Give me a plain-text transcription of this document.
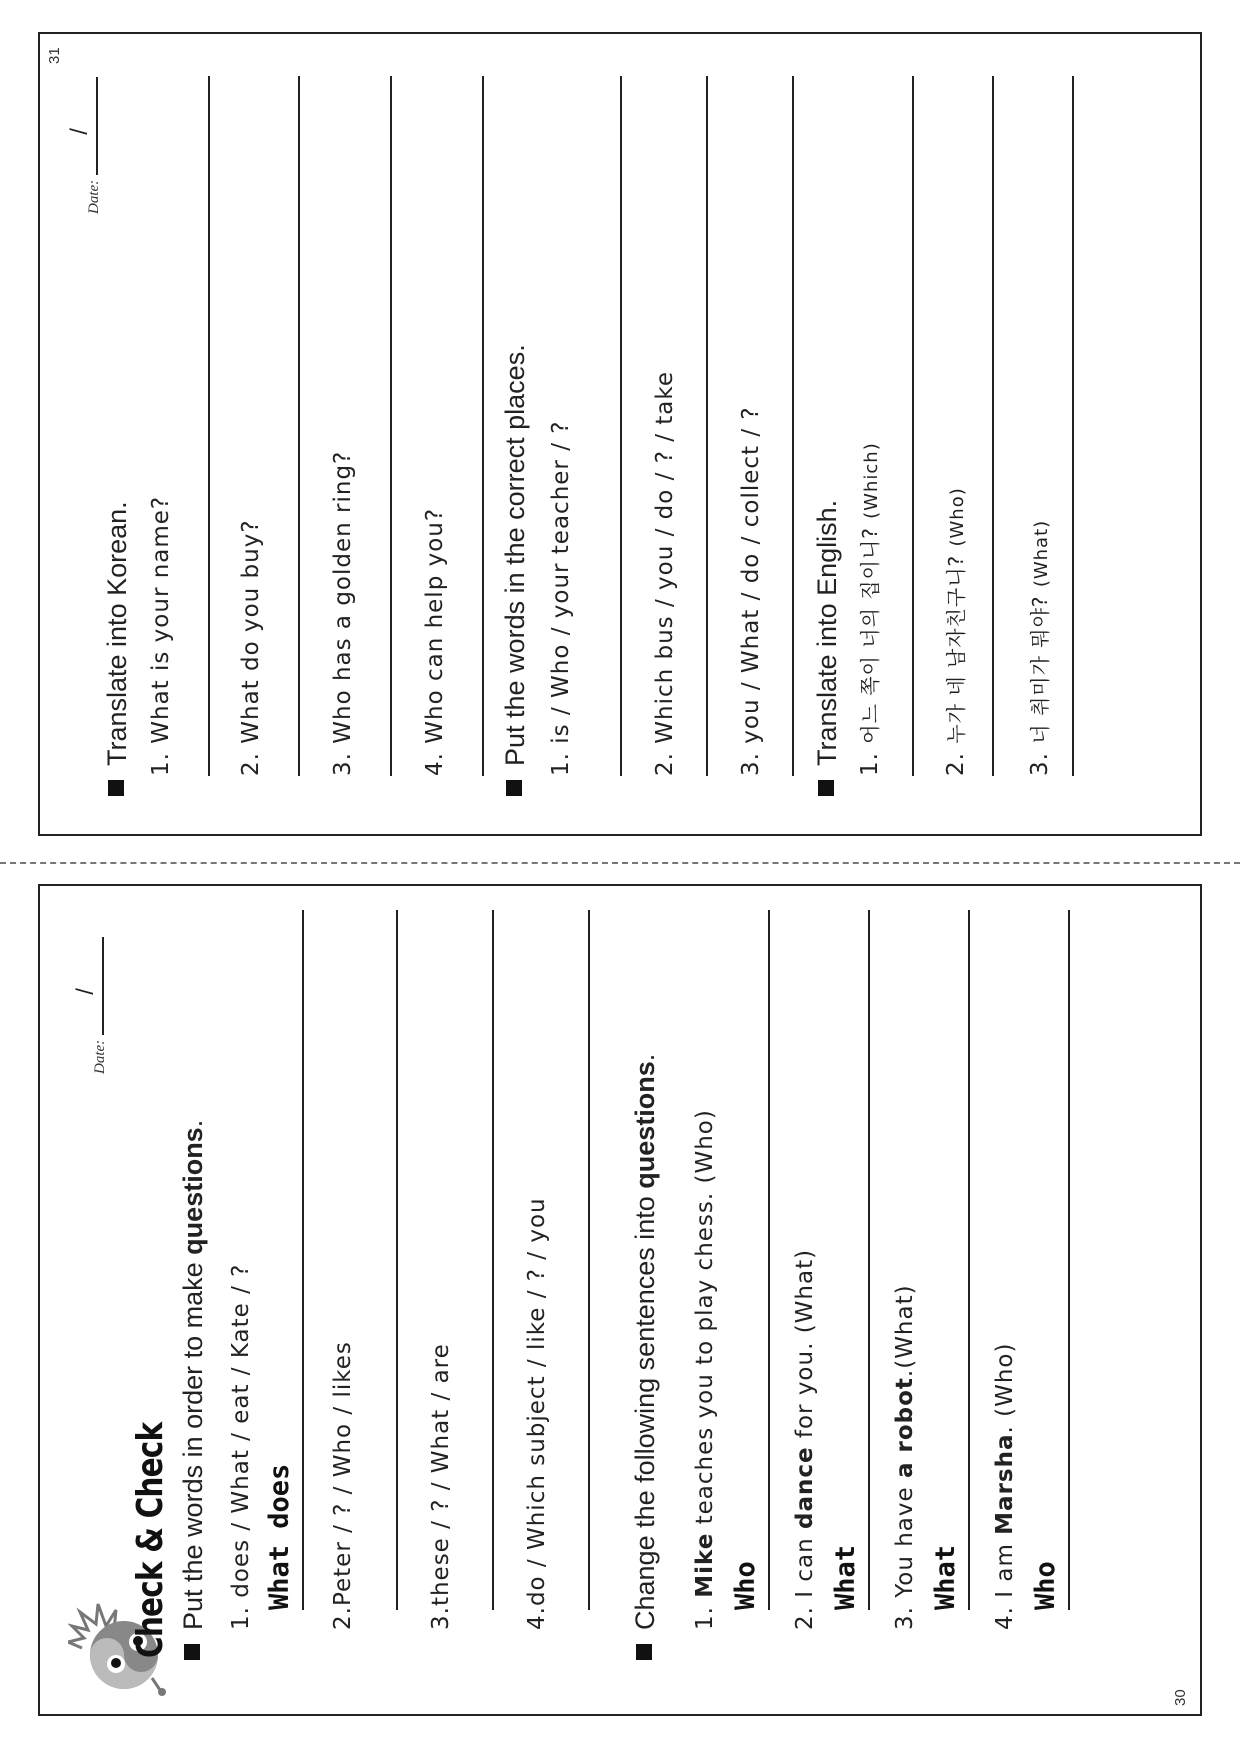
Check & Check
Date:
/
Put the words in order to make questions.
1. does / What / eat / Kate / ? What does 2.Peter / ? / Who / likes	3.these / ? / What / are	4.do / Which subject / like / ? / you	Change the following sentences into questions.
1. Mike teaches you to play chess. (Who)
Who 2. I can dance for you. (What)
What 3. You have a robot.(What)
What 4. I am Marsha. (Who)
Who
30
Date:
/
Translate into Korean. 1. What is your name?	2. What do you buy?	3. Who has a golden ring?	4. Who can help you? Put the words in the correct places. 1. is / Who / your teacher / ?	2. Which bus / you / do / ? / take	3. you / What / do / collect / ? Translate into English. 1. 어느 쪽이 너의 집이니? (Which)
2. 누가 네 남자친구니? (Who)
3. 너 취미가 뭐야? (What)
31
